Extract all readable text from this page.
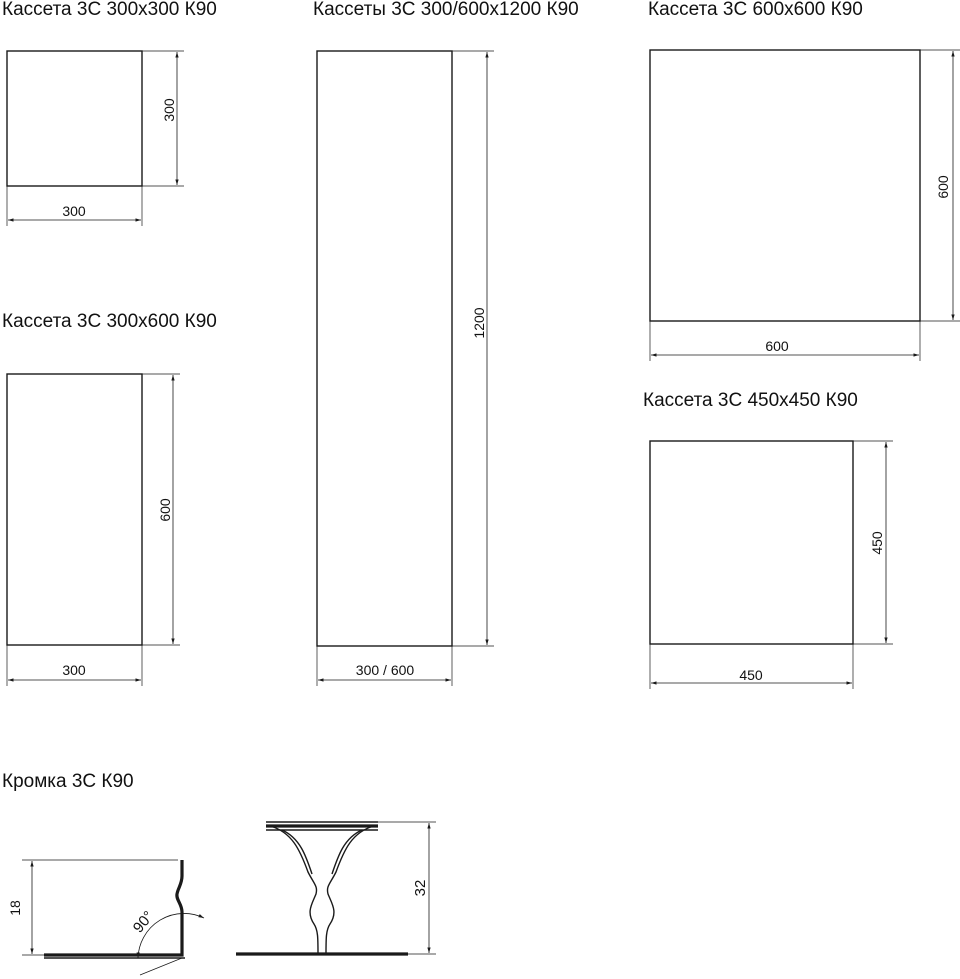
Кассета 3С 300х300 К90
300
300
Кассета 3С 300х600 К90
600
300
Кассеты 3С 300/600х1200 К90
1200
300 / 600
Кассета 3С 600х600 К90
600
600
Кассета 3С 450х450 К90
450
450
Кромка 3С К90
18	90°
32
